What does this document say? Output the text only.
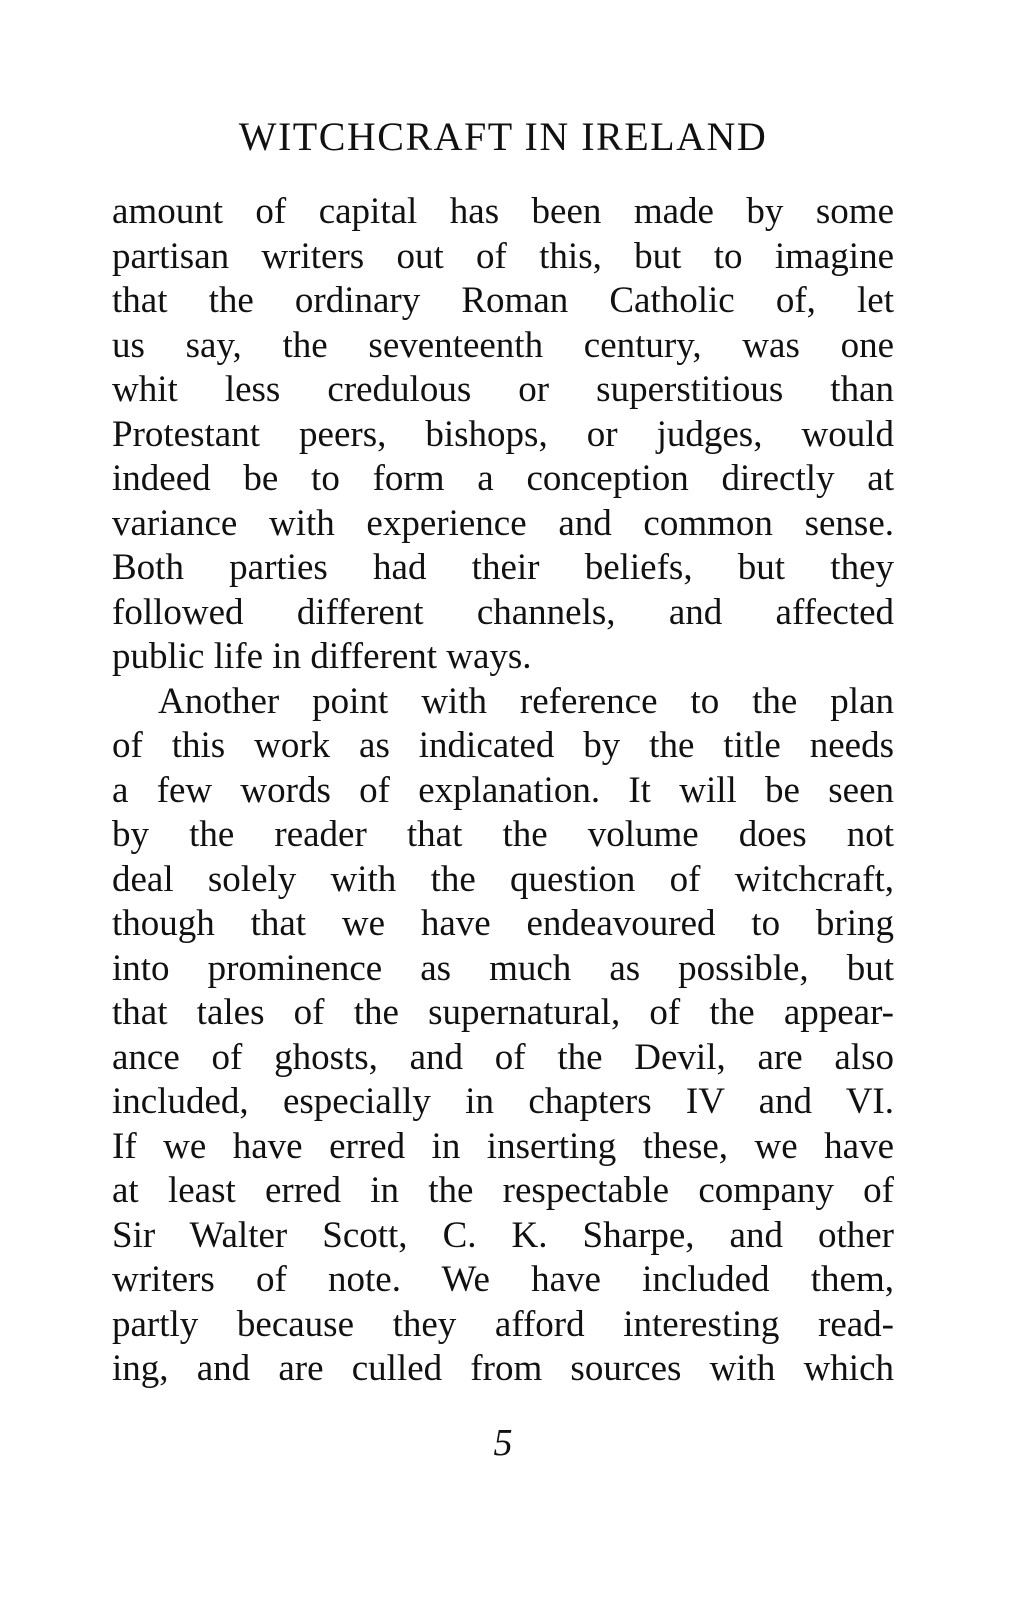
WITCHCRAFT IN IRELAND
amount of capital has been made by some
partisan writers out of this, but to imagine
that the ordinary Roman Catholic of, let
us say, the seventeenth century, was one
whit less credulous or superstitious than
Protestant peers, bishops, or judges, would
indeed be to form a conception directly at
variance with experience and common sense.
Both parties had their beliefs, but they
followed different channels, and affected
public life in different ways.
Another point with reference to the plan
of this work as indicated by the title needs
a few words of explanation. It will be seen
by the reader that the volume does not
deal solely with the question of witchcraft,
though that we have endeavoured to bring
into prominence as much as possible, but
that tales of the supernatural, of the appear-
ance of ghosts, and of the Devil, are also
included, especially in chapters IV and VI.
If we have erred in inserting these, we have
at least erred in the respectable company of
Sir Walter Scott, C. K. Sharpe, and other
writers of note. We have included them,
partly because they afford interesting read-
ing, and are culled from sources with which
5
